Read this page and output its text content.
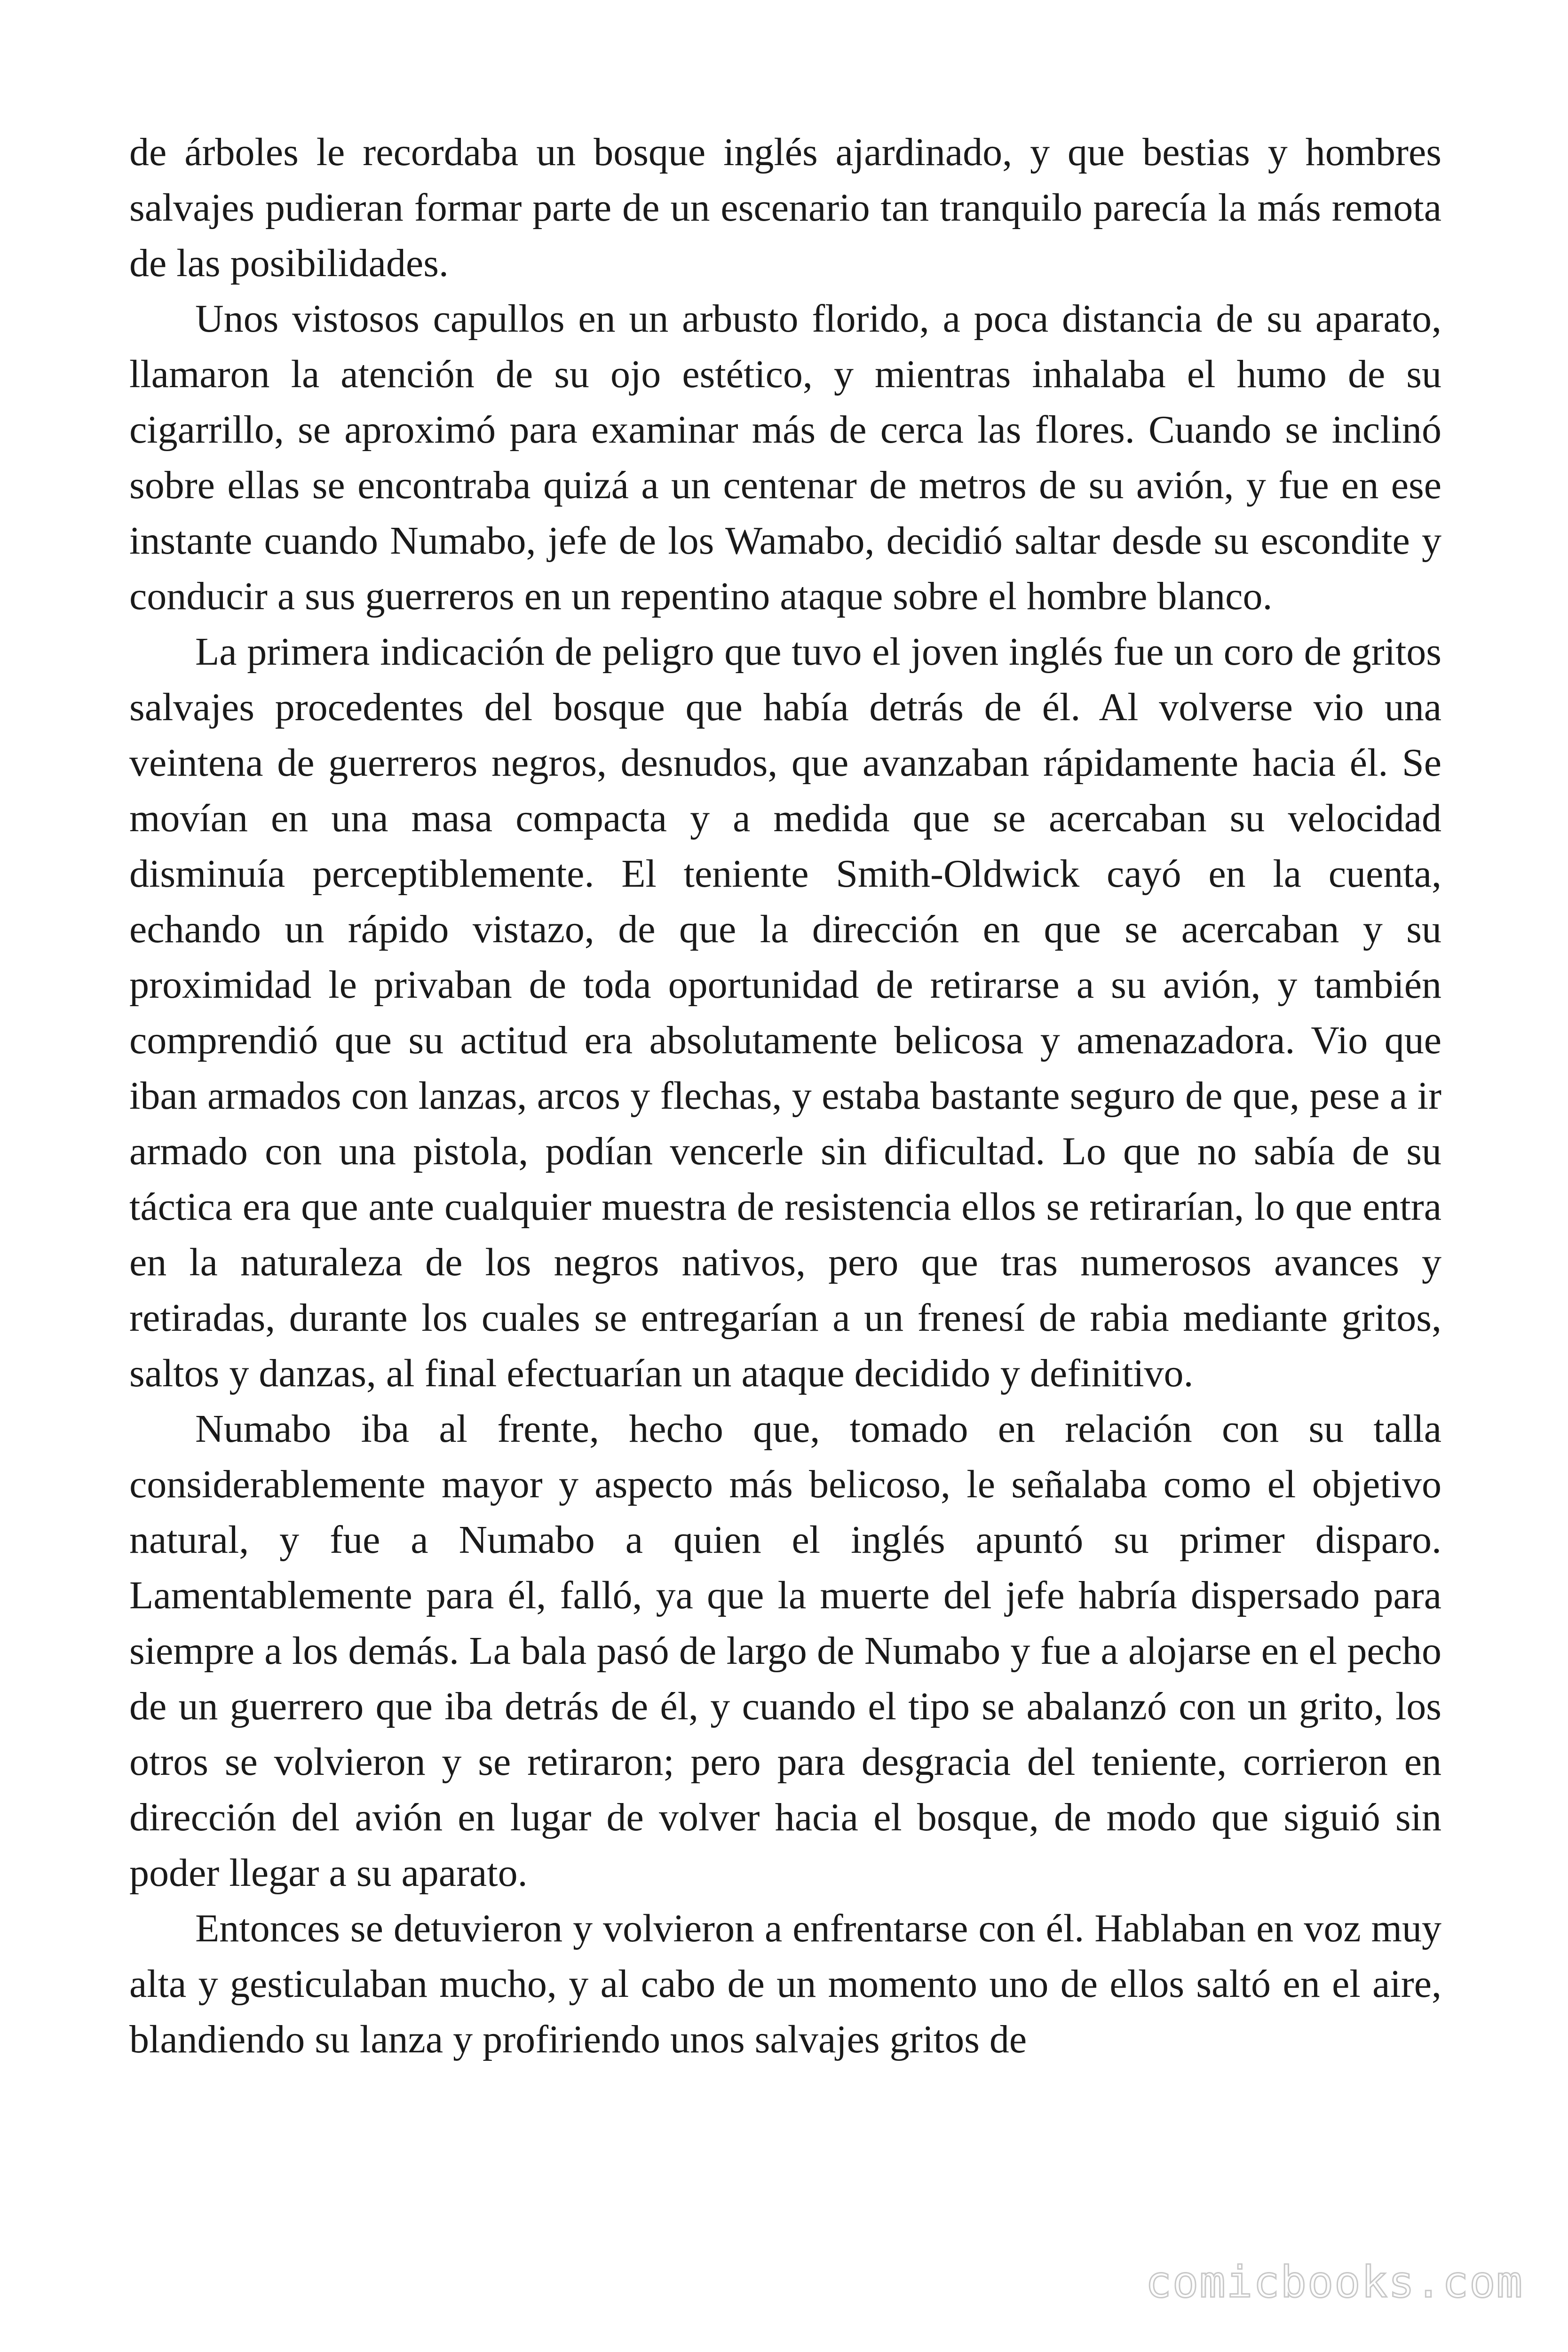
de árboles le recordaba un bosque inglés ajardinado, y que bestias y hombres salvajes pudieran formar parte de un escenario tan tranquilo parecía la más remota de las posibilidades.

Unos vistosos capullos en un arbusto florido, a poca distancia de su aparato, llamaron la atención de su ojo estético, y mientras inhalaba el humo de su cigarrillo, se aproximó para examinar más de cerca las flores. Cuando se inclinó sobre ellas se encontraba quizá a un centenar de metros de su avión, y fue en ese instante cuando Numabo, jefe de los Wamabo, decidió saltar desde su escondite y conducir a sus guerreros en un repentino ataque sobre el hombre blanco.

La primera indicación de peligro que tuvo el joven inglés fue un coro de gritos salvajes procedentes del bosque que había detrás de él. Al volverse vio una veintena de guerreros negros, desnudos, que avanzaban rápidamente hacia él. Se movían en una masa compacta y a medida que se acercaban su velocidad disminuía perceptiblemente. El teniente Smith-Oldwick cayó en la cuenta, echando un rápido vistazo, de que la dirección en que se acercaban y su proximidad le privaban de toda oportunidad de retirarse a su avión, y también comprendió que su actitud era absolutamente belicosa y amenazadora. Vio que iban armados con lanzas, arcos y flechas, y estaba bastante seguro de que, pese a ir armado con una pistola, podían vencerle sin dificultad. Lo que no sabía de su táctica era que ante cualquier muestra de resistencia ellos se retirarían, lo que entra en la naturaleza de los negros nativos, pero que tras numerosos avances y retiradas, durante los cuales se entregarían a un frenesí de rabia mediante gritos, saltos y danzas, al final efectuarían un ataque decidido y definitivo.

Numabo iba al frente, hecho que, tomado en relación con su talla considerablemente mayor y aspecto más belicoso, le señalaba como el objetivo natural, y fue a Numabo a quien el inglés apuntó su primer disparo. Lamentablemente para él, falló, ya que la muerte del jefe habría dispersado para siempre a los demás. La bala pasó de largo de Numabo y fue a alojarse en el pecho de un guerrero que iba detrás de él, y cuando el tipo se abalanzó con un grito, los otros se volvieron y se retiraron; pero para desgracia del teniente, corrieron en dirección del avión en lugar de volver hacia el bosque, de modo que siguió sin poder llegar a su aparato.

Entonces se detuvieron y volvieron a enfrentarse con él. Hablaban en voz muy alta y gesticulaban mucho, y al cabo de un momento uno de ellos saltó en el aire, blandiendo su lanza y profiriendo unos salvajes gritos de

comicbooks.com
